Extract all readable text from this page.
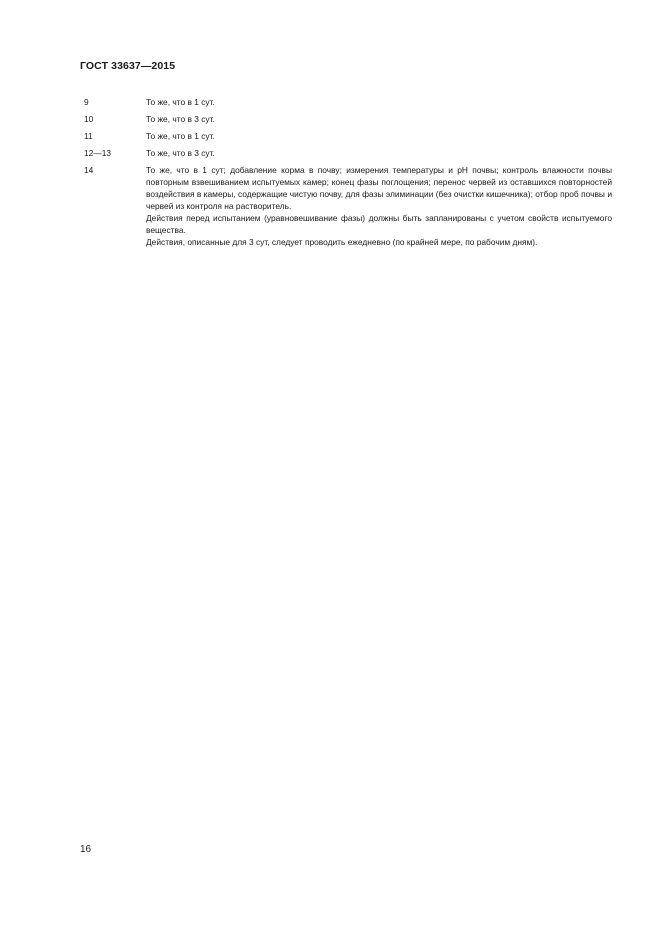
ГОСТ 33637—2015
9	То же, что в 1 сут.

10	То же, что в 3 сут.

11	То же, что в 1 сут.

12—13	То же, что в 3 сут.

14	То же, что в 1 сут; добавление корма в почву; измерения температуры и pH почвы; контроль влажности почвы повторным взвешиванием испытуемых камер; конец фазы поглощения; перенос червей из оставшихся повторностей воздействия в камеры, содержащие чистую почву, для фазы элиминации (без очистки кишечника); отбор проб почвы и червей из контроля на растворитель.

Действия перед испытанием (уравновешивание фазы) должны быть запланированы с учетом свойств испытуемого вещества.

Действия, описанные для 3 сут, следует проводить ежедневно (по крайней мере, по рабочим дням).

16
